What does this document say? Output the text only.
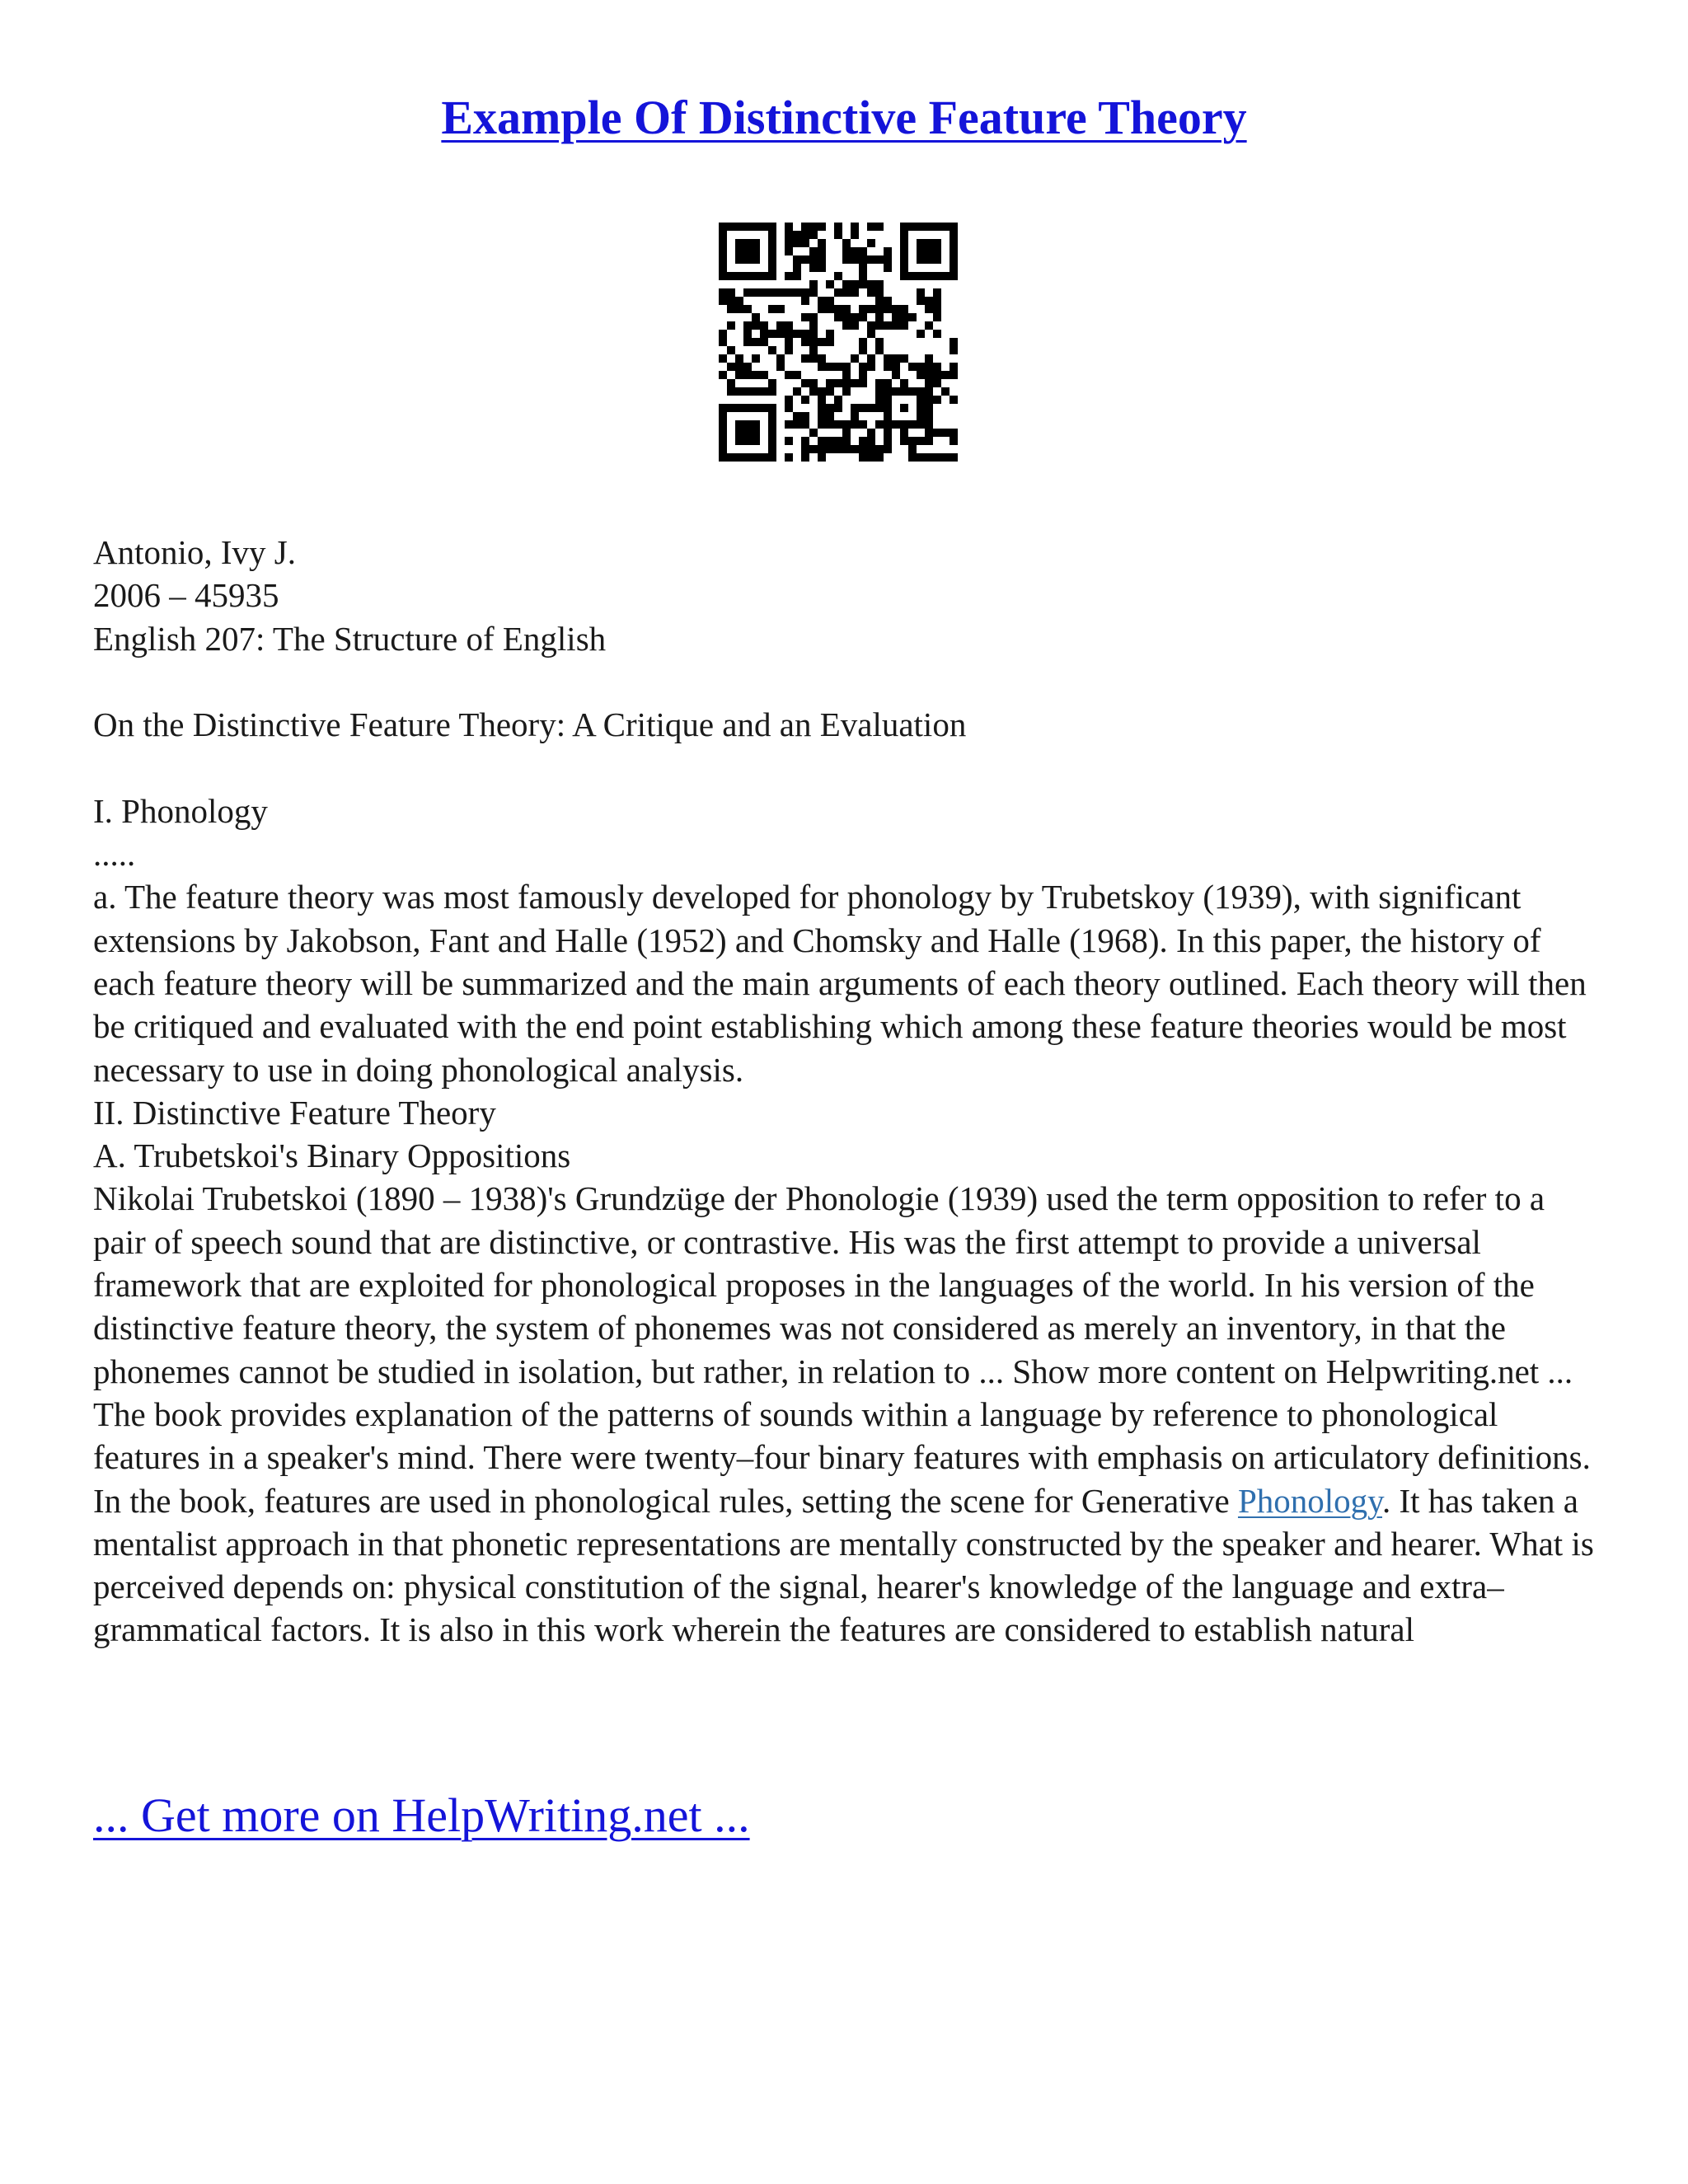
Example Of Distinctive Feature Theory

Antonio, Ivy J.

2006 – 45935

English 207: The Structure of English

On the Distinctive Feature Theory: A Critique and an Evaluation

I. Phonology

.....

a. The feature theory was most famously developed for phonology by Trubetskoy (1939), with significant extensions by Jakobson, Fant and Halle (1952) and Chomsky and Halle (1968). In this paper, the history of each feature theory will be summarized and the main arguments of each theory outlined. Each theory will then be critiqued and evaluated with the end point establishing which among these feature theories would be most necessary to use in doing phonological analysis.

II. Distinctive Feature Theory

A. Trubetskoi's Binary Oppositions

Nikolai Trubetskoi (1890 – 1938)'s Grundzüge der Phonologie (1939) used the term opposition to refer to a pair of speech sound that are distinctive, or contrastive. His was the first attempt to provide a universal framework that are exploited for phonological proposes in the languages of the world. In his version of the distinctive feature theory, the system of phonemes was not considered as merely an inventory, in that the phonemes cannot be studied in isolation, but rather, in relation to ... Show more content on Helpwriting.net ...

The book provides explanation of the patterns of sounds within a language by reference to phonological features in a speaker's mind. There were twenty–four binary features with emphasis on articulatory definitions. In the book, features are used in phonological rules, setting the scene for Generative Phonology. It has taken a mentalist approach in that phonetic representations are mentally constructed by the speaker and hearer. What is perceived depends on: physical constitution of the signal, hearer's knowledge of the language and extra–grammatical factors. It is also in this work wherein the features are considered to establish natural

... Get more on HelpWriting.net ...
